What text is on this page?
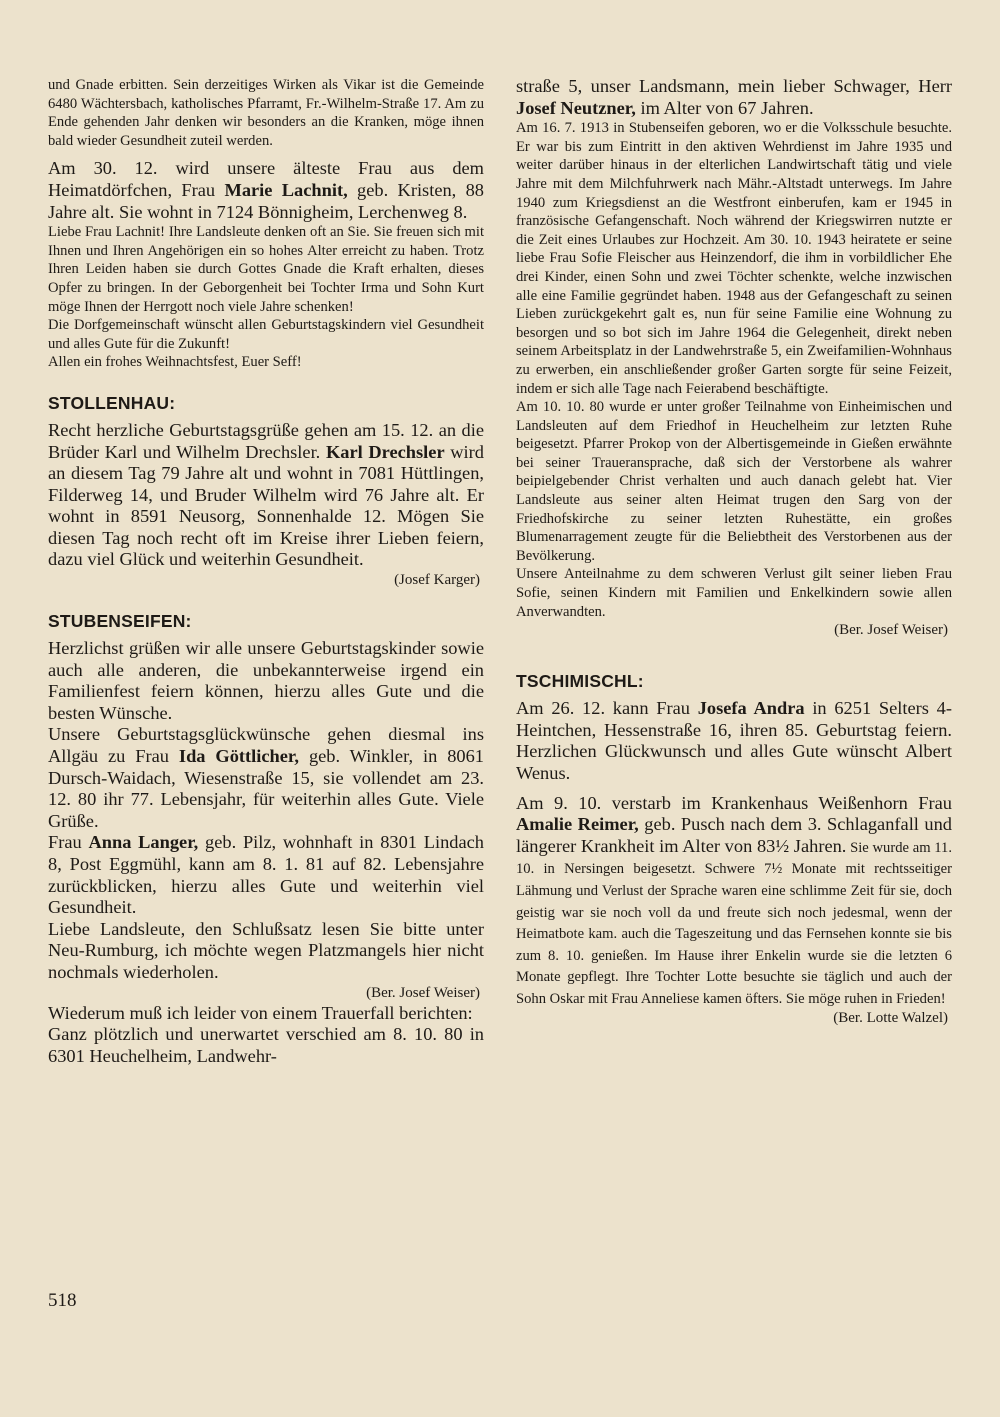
und Gnade erbitten. Sein derzeitiges Wirken als Vikar ist die Gemeinde 6480 Wächtersbach, katholisches Pfarramt, Fr.-Wilhelm-Straße 17. Am zu Ende gehenden Jahr denken wir besonders an die Kranken, möge ihnen bald wieder Gesundheit zuteil werden.

Am 30. 12. wird unsere älteste Frau aus dem Heimatdörfchen, Frau Marie Lachnit, geb. Kristen, 88 Jahre alt. Sie wohnt in 7124 Bönnigheim, Lerchenweg 8.

Liebe Frau Lachnit! Ihre Landsleute denken oft an Sie. Sie freuen sich mit Ihnen und Ihren Angehörigen ein so hohes Alter erreicht zu haben. Trotz Ihren Leiden haben sie durch Gottes Gnade die Kraft erhalten, dieses Opfer zu bringen. In der Geborgenheit bei Tochter Irma und Sohn Kurt möge Ihnen der Herrgott noch viele Jahre schenken!

Die Dorfgemeinschaft wünscht allen Geburtstagskindern viel Gesundheit und alles Gute für die Zukunft!

Allen ein frohes Weihnachtsfest, Euer Seff!

STOLLENHAU:

Recht herzliche Geburtstagsgrüße gehen am 15. 12. an die Brüder Karl und Wilhelm Drechsler. Karl Drechsler wird an diesem Tag 79 Jahre alt und wohnt in 7081 Hüttlingen, Filderweg 14, und Bruder Wilhelm wird 76 Jahre alt. Er wohnt in 8591 Neusorg, Sonnenhalde 12. Mögen Sie diesen Tag noch recht oft im Kreise ihrer Lieben feiern, dazu viel Glück und weiterhin Gesundheit.

(Josef Karger)

STUBENSEIFEN:

Herzlichst grüßen wir alle unsere Geburtstagskinder sowie auch alle anderen, die unbekannterweise irgend ein Familienfest feiern können, hierzu alles Gute und die besten Wünsche.

Unsere Geburtstagsglückwünsche gehen diesmal ins Allgäu zu Frau Ida Göttlicher, geb. Winkler, in 8061 Dursch-Waidach, Wiesenstraße 15, sie vollendet am 23. 12. 80 ihr 77. Lebensjahr, für weiterhin alles Gute. Viele Grüße.

Frau Anna Langer, geb. Pilz, wohnhaft in 8301 Lindach 8, Post Eggmühl, kann am 8. 1. 81 auf 82. Lebensjahre zurückblicken, hierzu alles Gute und weiterhin viel Gesundheit.

Liebe Landsleute, den Schlußsatz lesen Sie bitte unter Neu-Rumburg, ich möchte wegen Platzmangels hier nicht nochmals wiederholen.

(Ber. Josef Weiser)

Wiederum muß ich leider von einem Trauerfall berichten:

Ganz plötzlich und unerwartet verschied am 8. 10. 80 in 6301 Heuchelheim, Landwehr-

straße 5, unser Landsmann, mein lieber Schwager, Herr Josef Neutzner, im Alter von 67 Jahren.

Am 16. 7. 1913 in Stubenseifen geboren, wo er die Volksschule besuchte. Er war bis zum Eintritt in den aktiven Wehrdienst im Jahre 1935 und weiter darüber hinaus in der elterlichen Landwirtschaft tätig und viele Jahre mit dem Milchfuhrwerk nach Mähr.-Altstadt unterwegs. Im Jahre 1940 zum Kriegsdienst an die Westfront einberufen, kam er 1945 in französische Gefangenschaft. Noch während der Kriegswirren nutzte er die Zeit eines Urlaubes zur Hochzeit. Am 30. 10. 1943 heiratete er seine liebe Frau Sofie Fleischer aus Heinzendorf, die ihm in vorbildlicher Ehe drei Kinder, einen Sohn und zwei Töchter schenkte, welche inzwischen alle eine Familie gegründet haben. 1948 aus der Gefangeschaft zu seinen Lieben zurückgekehrt galt es, nun für seine Familie eine Wohnung zu besorgen und so bot sich im Jahre 1964 die Gelegenheit, direkt neben seinem Arbeitsplatz in der Landwehrstraße 5, ein Zweifamilien-Wohnhaus zu erwerben, ein anschließender großer Garten sorgte für seine Feizeit, indem er sich alle Tage nach Feierabend beschäftigte.

Am 10. 10. 80 wurde er unter großer Teilnahme von Einheimischen und Landsleuten auf dem Friedhof in Heuchelheim zur letzten Ruhe beigesetzt. Pfarrer Prokop von der Albertisgemeinde in Gießen erwähnte bei seiner Traueransprache, daß sich der Verstorbene als wahrer beipielgebender Christ verhalten und auch danach gelebt hat. Vier Landsleute aus seiner alten Heimat trugen den Sarg von der Friedhofskirche zu seiner letzten Ruhestätte, ein großes Blumenarragement zeugte für die Beliebtheit des Verstorbenen aus der Bevölkerung.

Unsere Anteilnahme zu dem schweren Verlust gilt seiner lieben Frau Sofie, seinen Kindern mit Familien und Enkelkindern sowie allen Anverwandten.

(Ber. Josef Weiser)

TSCHIMISCHL:

Am 26. 12. kann Frau Josefa Andra in 6251 Selters 4-Heintchen, Hessenstraße 16, ihren 85. Geburtstag feiern. Herzlichen Glückwunsch und alles Gute wünscht Albert Wenus.

Am 9. 10. verstarb im Krankenhaus Weißenhorn Frau Amalie Reimer, geb. Pusch nach dem 3. Schlaganfall und längerer Krankheit im Alter von 83½ Jahren. Sie wurde am 11. 10. in Nersingen beigesetzt. Schwere 7½ Monate mit rechtsseitiger Lähmung und Verlust der Sprache waren eine schlimme Zeit für sie, doch geistig war sie noch voll da und freute sich noch jedesmal, wenn der Heimatbote kam. auch die Tageszeitung und das Fernsehen konnte sie bis zum 8. 10. genießen. Im Hause ihrer Enkelin wurde sie die letzten 6 Monate gepflegt. Ihre Tochter Lotte besuchte sie täglich und auch der Sohn Oskar mit Frau Anneliese kamen öfters. Sie möge ruhen in Frieden!

(Ber. Lotte Walzel)

518
